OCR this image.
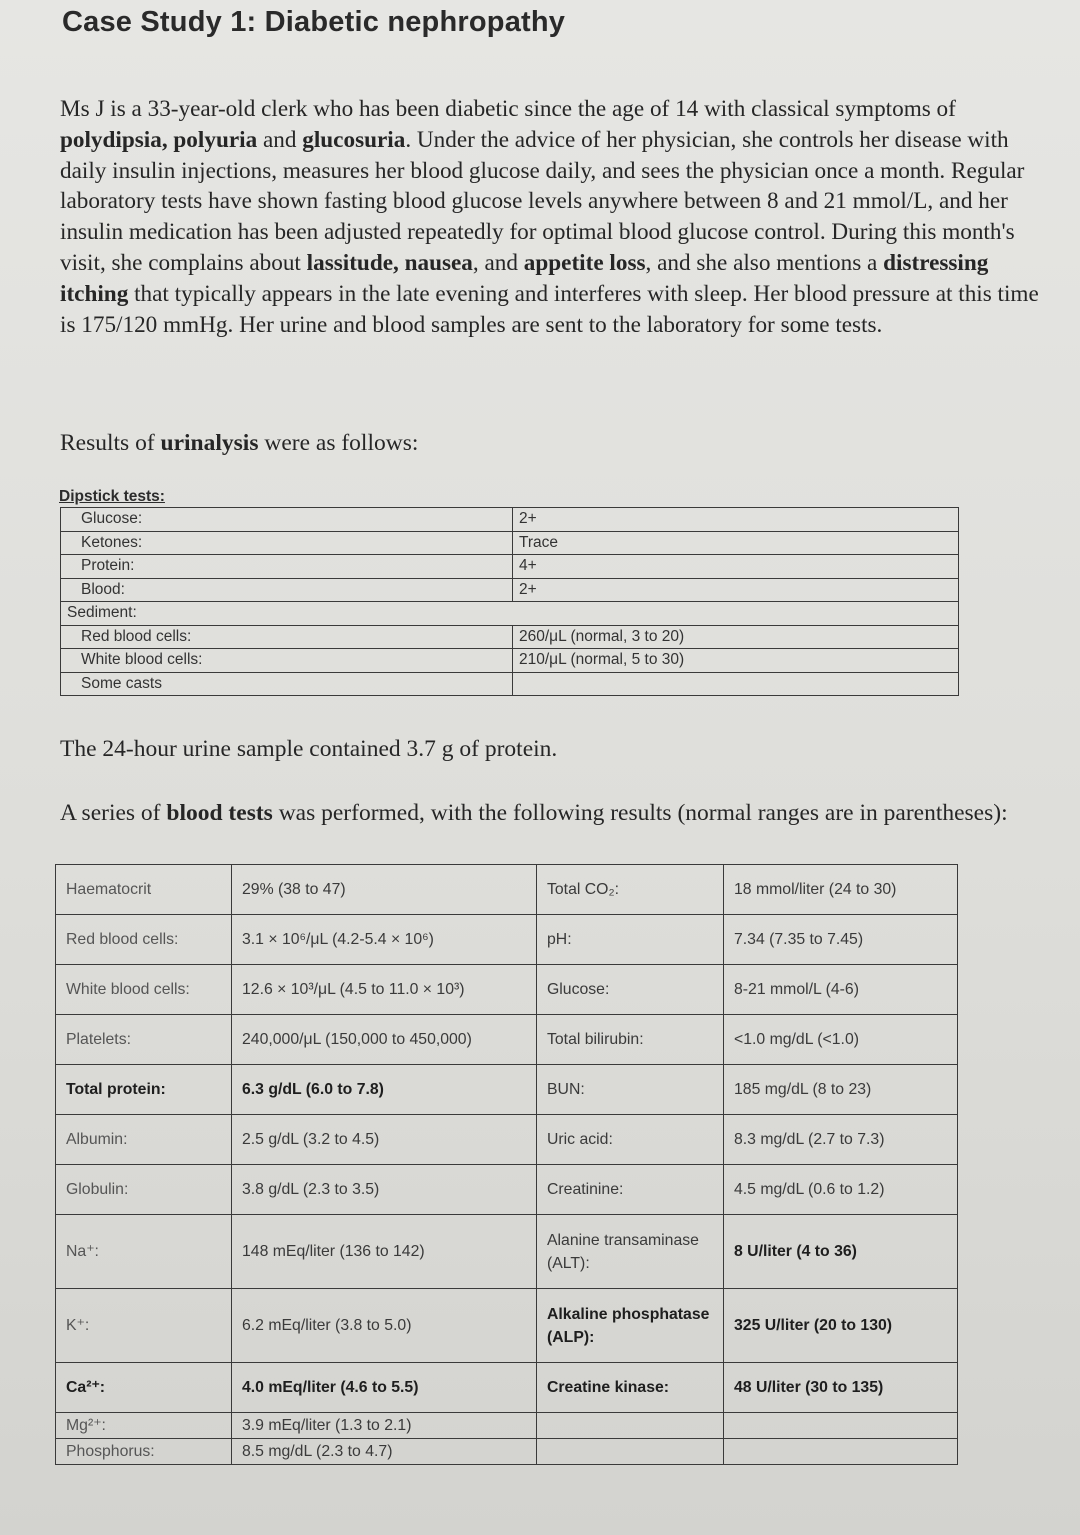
Case Study 1: Diabetic nephropathy

Ms J is a 33-year-old clerk who has been diabetic since the age of 14 with classical symptoms of polydipsia, polyuria and glucosuria. Under the advice of her physician, she controls her disease with daily insulin injections, measures her blood glucose daily, and sees the physician once a month. Regular laboratory tests have shown fasting blood glucose levels anywhere between 8 and 21 mmol/L, and her insulin medication has been adjusted repeatedly for optimal blood glucose control. During this month's visit, she complains about lassitude, nausea, and appetite loss, and she also mentions a distressing itching that typically appears in the late evening and interferes with sleep. Her blood pressure at this time is 175/120 mmHg. Her urine and blood samples are sent to the laboratory for some tests.

Results of urinalysis were as follows:
Dipstick tests:
Glucose:	2+
Ketones:	Trace
Protein:	4+
Blood:	2+
Sediment:	
Red blood cells:	260/μL (normal, 3 to 20)
White blood cells:	210/μL (normal, 5 to 30)
Some casts	
The 24-hour urine sample contained 3.7 g of protein.
A series of blood tests was performed, with the following results (normal ranges are in parentheses):
Haematocrit	29% (38 to 47)	Total CO₂:	18 mmol/liter (24 to 30)
Red blood cells:	3.1 × 10⁶/μL (4.2-5.4 × 10⁶)	pH:	7.34 (7.35 to 7.45)
White blood cells:	12.6 × 10³/μL (4.5 to 11.0 × 10³)	Glucose:	8-21 mmol/L (4-6)
Platelets:	240,000/μL (150,000 to 450,000)	Total bilirubin:	<1.0 mg/dL (<1.0)
Total protein:	6.3 g/dL (6.0 to 7.8)	BUN:	185 mg/dL (8 to 23)
Albumin:	2.5 g/dL (3.2 to 4.5)	Uric acid:	8.3 mg/dL (2.7 to 7.3)
Globulin:	3.8 g/dL (2.3 to 3.5)	Creatinine:	4.5 mg/dL (0.6 to 1.2)
Na⁺:	148 mEq/liter (136 to 142)	Alanine transaminase (ALT):	8 U/liter (4 to 36)
K⁺:	6.2 mEq/liter (3.8 to 5.0)	Alkaline phosphatase (ALP):	325 U/liter (20 to 130)
Ca²⁺:	4.0 mEq/liter (4.6 to 5.5)	Creatine kinase:	48 U/liter (30 to 135)
Mg²⁺:	3.9 mEq/liter (1.3 to 2.1)		
Phosphorus:	8.5 mg/dL (2.3 to 4.7)		
